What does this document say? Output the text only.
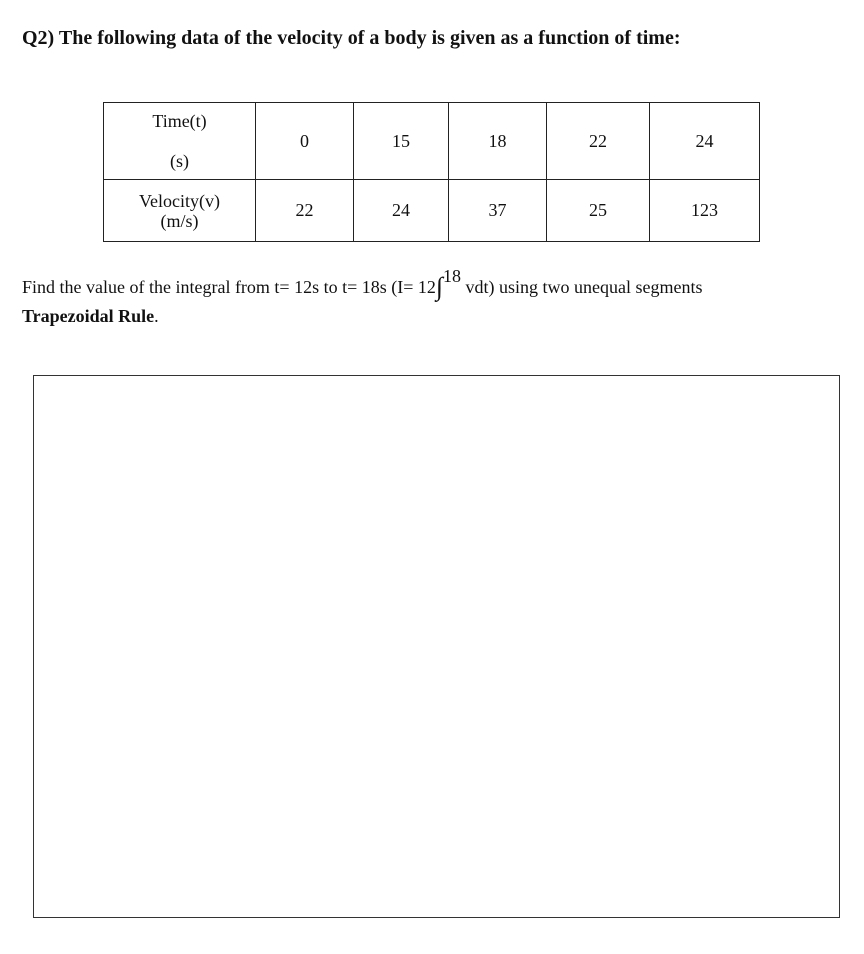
Q2) The following data of the velocity of a body is given as a function of time:
Time(t)
(s)	0	15	18	22	24

Velocity(v)
(m/s)	22	24	37	25	123
Find the value of the integral from t= 12s to t= 18s (I= 12∫18 vdt) using two unequal segments
Trapezoidal Rule.
